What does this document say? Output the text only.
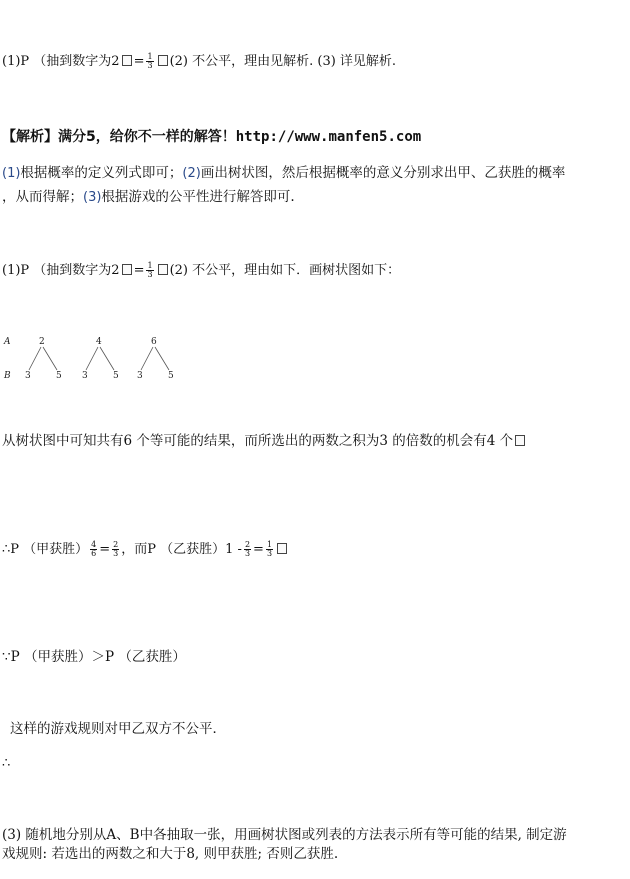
(1)P （抽到数字为$2 = \frac{1}{3} (2)$ 不公平，理由见解析. (3) 详见解析.
【解析】满分5，给你不一样的解答！http://www.manfen5.com
(1)根据概率的定义列式即可；(2)画出树状图，然后根据概率的意义分别求出甲、乙获胜的概率
，从而得解；(3)根据游戏的公平性进行解答即可.
(1)P （抽到数字为$2 = \frac{1}{3} (2)$ 不公平，理由如下．画树状图如下：
A
B
2
3	5
4
3	5
6
3	5
从树状图中可知共有6 个等可能的结果，而所选出的两数之积为3 的倍数的机会有4 个
∴P （甲获胜） $\frac{4}{6} = \frac{2}{3}$ ，而P （乙获胜）$1 - \frac{2}{3} = \frac{1}{3}$
∵P （甲获胜）＞P （乙获胜）
这样的游戏规则对甲乙双方不公平．
∴
(3) 随机地分别从A、B中各抽取一张，用画树状图或列表的方法表示所有等可能的结果, 制定游
戏规则: 若选出的两数之和大于8, 则甲获胜; 否则乙获胜.
